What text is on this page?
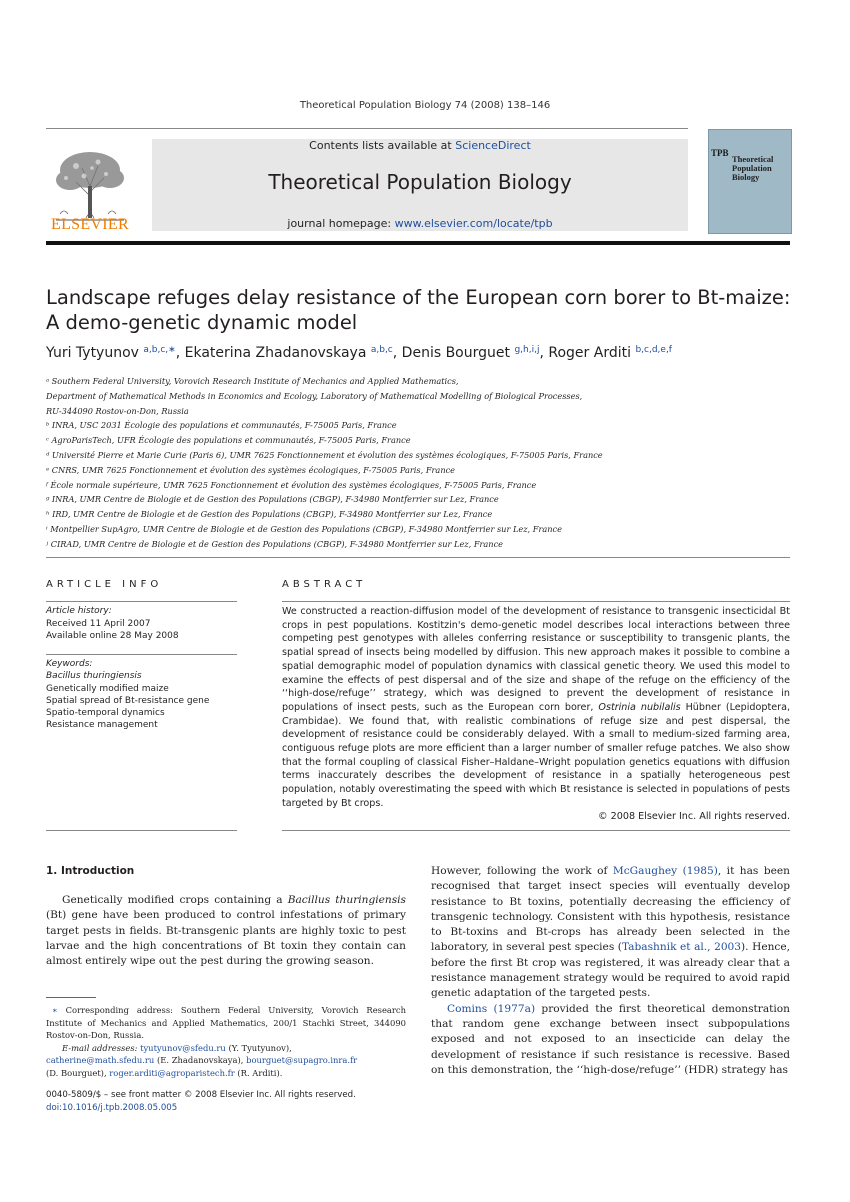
Theoretical Population Biology 74 (2008) 138–146
ELSEVIER
Contents lists available at ScienceDirect
Theoretical Population Biology
journal homepage: www.elsevier.com/locate/tpb
TPB
Theoretical Population Biology
Landscape refuges delay resistance of the European corn borer to Bt-maize:
A demo-genetic dynamic model
Yuri Tytyunov $^{a,b,c,∗}$, Ekaterina Zhadanovskaya $^{a,b,c}$, Denis Bourguet $^{g,h,i,j}$, Roger Arditi $^{b,c,d,e,f}$
ᵃ Southern Federal University, Vorovich Research Institute of Mechanics and Applied Mathematics,
Department of Mathematical Methods in Economics and Ecology, Laboratory of Mathematical Modelling of Biological Processes,
RU-344090 Rostov-on-Don, Russia
ᵇ INRA, USC 2031 Écologie des populations et communautés, F-75005 Paris, France
ᶜ AgroParisTech, UFR Écologie des populations et communautés, F-75005 Paris, France
ᵈ Université Pierre et Marie Curie (Paris 6), UMR 7625 Fonctionnement et évolution des systèmes écologiques, F-75005 Paris, France
ᵉ CNRS, UMR 7625 Fonctionnement et évolution des systèmes écologiques, F-75005 Paris, France
ᶠ École normale supérieure, UMR 7625 Fonctionnement et évolution des systèmes écologiques, F-75005 Paris, France
ᵍ INRA, UMR Centre de Biologie et de Gestion des Populations (CBGP), F-34980 Montferrier sur Lez, France
ʰ IRD, UMR Centre de Biologie et de Gestion des Populations (CBGP), F-34980 Montferrier sur Lez, France
ⁱ Montpellier SupAgro, UMR Centre de Biologie et de Gestion des Populations (CBGP), F-34980 Montferrier sur Lez, France
ʲ CIRAD, UMR Centre de Biologie et de Gestion des Populations (CBGP), F-34980 Montferrier sur Lez, France
ARTICLE INFO	ABSTRACT
Article history:
Received 11 April 2007
Available online 28 May 2008
Keywords:
Bacillus thuringiensis
Genetically modified maize
Spatial spread of Bt-resistance gene
Spatio-temporal dynamics
Resistance management
We constructed a reaction-diffusion model of the development of resistance to transgenic insecticidal Bt crops in pest populations. Kostitzin's demo-genetic model describes local interactions between three competing pest genotypes with alleles conferring resistance or susceptibility to transgenic plants, the spatial spread of insects being modelled by diffusion. This new approach makes it possible to combine a spatial demographic model of population dynamics with classical genetic theory. We used this model to examine the effects of pest dispersal and of the size and shape of the refuge on the efficiency of the ‘‘high-dose/refuge’’ strategy, which was designed to prevent the development of resistance in populations of insect pests, such as the European corn borer, Ostrinia nubilalis Hübner (Lepidoptera, Crambidae). We found that, with realistic combinations of refuge size and pest dispersal, the development of resistance could be considerably delayed. With a small to medium-sized farming area, contiguous refuge plots are more efficient than a larger number of smaller refuge patches. We also show that the formal coupling of classical Fisher–Haldane–Wright population genetics equations with diffusion terms inaccurately describes the development of resistance in a spatially heterogeneous pest population, notably overestimating the speed with which Bt resistance is selected in populations of pests targeted by Bt crops.
© 2008 Elsevier Inc. All rights reserved.
1. Introduction
Genetically modified crops containing a Bacillus thuringiensis (Bt) gene have been produced to control infestations of primary target pests in fields. Bt-transgenic plants are highly toxic to pest larvae and the high concentrations of Bt toxin they contain can almost entirely wipe out the pest during the growing season.
However, following the work of McGaughey (1985), it has been recognised that target insect species will eventually develop resistance to Bt toxins, potentially decreasing the efficiency of transgenic technology. Consistent with this hypothesis, resistance to Bt-toxins and Bt-crops has already been selected in the laboratory, in several pest species (Tabashnik et al., 2003). Hence, before the first Bt crop was registered, it was already clear that a resistance management strategy would be required to avoid rapid genetic adaptation of the targeted pests.
Comins (1977a) provided the first theoretical demonstration that random gene exchange between insect subpopulations exposed and not exposed to an insecticide can delay the development of resistance if such resistance is recessive. Based on this demonstration, the ‘‘high-dose/refuge’’ (HDR) strategy has
∗ Corresponding address: Southern Federal University, Vorovich Research Institute of Mechanics and Applied Mathematics, 200/1 Stachki Street, 344090 Rostov-on-Don, Russia.
E-mail addresses: tyutyunov@sfedu.ru (Y. Tyutyunov),
catherine@math.sfedu.ru (E. Zhadanovskaya), bourguet@supagro.inra.fr
(D. Bourguet), roger.arditi@agroparistech.fr (R. Arditi).
0040-5809/$ – see front matter © 2008 Elsevier Inc. All rights reserved.
doi:10.1016/j.tpb.2008.05.005
